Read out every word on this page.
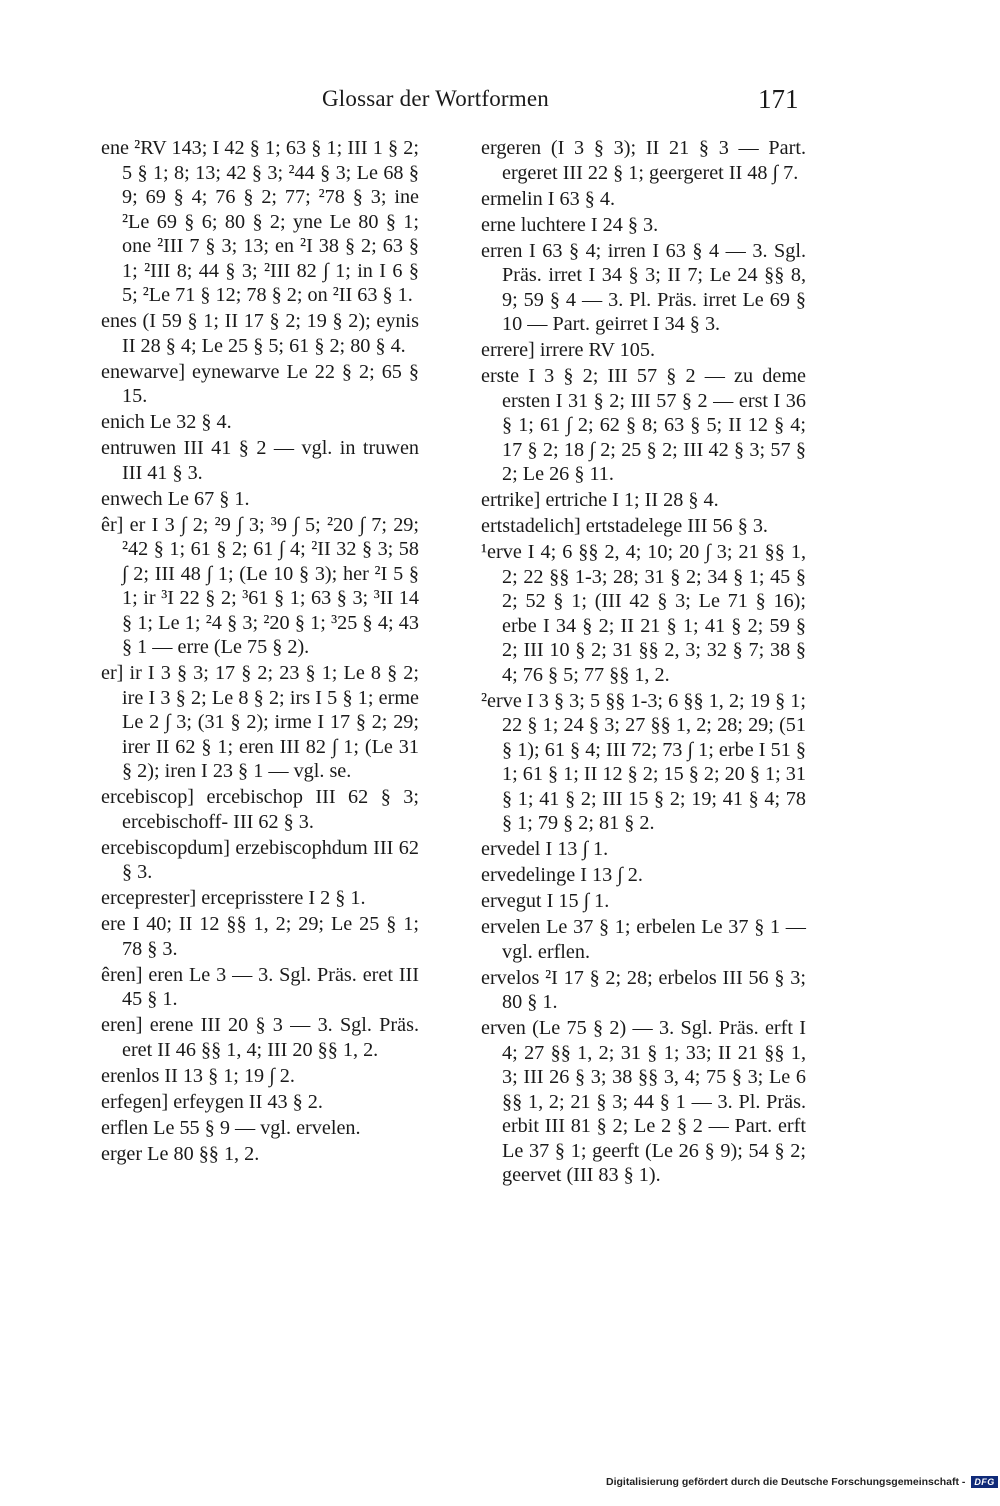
Glossar der Wortformen	171
ene ²RV 143; I 42 § 1; 63 § 1; III 1 § 2; 5 § 1; 8; 13; 42 § 3; ²44 § 3; Le 68 § 9; 69 § 4; 76 § 2; 77; ²78 § 3; ine ²Le 69 § 6; 80 § 2; yne Le 80 § 1; one ²III 7 § 3; 13; en ²I 38 § 2; 63 § 1; ²III 8; 44 § 3; ²III 82 ∫ 1; in I 6 § 5; ²Le 71 § 12; 78 § 2; on ²II 63 § 1.
enes (I 59 § 1; II 17 § 2; 19 § 2); eynis II 28 § 4; Le 25 § 5; 61 § 2; 80 § 4.
enewarve] eynewarve Le 22 § 2; 65 § 15.
enich Le 32 § 4.
entruwen III 41 § 2 — vgl. in truwen III 41 § 3.
enwech Le 67 § 1.
êr] er I 3 ∫ 2; ²9 ∫ 3; ³9 ∫ 5; ²20 ∫ 7; 29; ²42 § 1; 61 § 2; 61 ∫ 4; ²II 32 § 3; 58 ∫ 2; III 48 ∫ 1; (Le 10 § 3); her ²I 5 § 1; ir ³I 22 § 2; ³61 § 1; 63 § 3; ³II 14 § 1; Le 1; ²4 § 3; ²20 § 1; ³25 § 4; 43 § 1 — erre (Le 75 § 2).
er] ir I 3 § 3; 17 § 2; 23 § 1; Le 8 § 2; ire I 3 § 2; Le 8 § 2; irs I 5 § 1; erme Le 2 ∫ 3; (31 § 2); irme I 17 § 2; 29; irer II 62 § 1; eren III 82 ∫ 1; (Le 31 § 2); iren I 23 § 1 — vgl. se.
ercebiscop] ercebischop III 62 § 3; ercebischoff- III 62 § 3.
ercebiscopdum] erzebiscophdum III 62 § 3.
erceprester] erceprisstere I 2 § 1.
ere I 40; II 12 §§ 1, 2; 29; Le 25 § 1; 78 § 3.
êren] eren Le 3 — 3. Sgl. Präs. eret III 45 § 1.
eren] erene III 20 § 3 — 3. Sgl. Präs. eret II 46 §§ 1, 4; III 20 §§ 1, 2.
erenlos II 13 § 1; 19 ∫ 2.
erfegen] erfeygen II 43 § 2.
erflen Le 55 § 9 — vgl. ervelen.
erger Le 80 §§ 1, 2.
ergeren (I 3 § 3); II 21 § 3 — Part. ergeret III 22 § 1; geergeret II 48 ∫ 7.
ermelin I 63 § 4.
erne luchtere I 24 § 3.
erren I 63 § 4; irren I 63 § 4 — 3. Sgl. Präs. irret I 34 § 3; II 7; Le 24 §§ 8, 9; 59 § 4 — 3. Pl. Präs. irret Le 69 § 10 — Part. geirret I 34 § 3.
errere] irrere RV 105.
erste I 3 § 2; III 57 § 2 — zu deme ersten I 31 § 2; III 57 § 2 — erst I 36 § 1; 61 ∫ 2; 62 § 8; 63 § 5; II 12 § 4; 17 § 2; 18 ∫ 2; 25 § 2; III 42 § 3; 57 § 2; Le 26 § 11.
ertrike] ertriche I 1; II 28 § 4.
ertstadelich] ertstadelege III 56 § 3.
¹erve I 4; 6 §§ 2, 4; 10; 20 ∫ 3; 21 §§ 1, 2; 22 §§ 1-3; 28; 31 § 2; 34 § 1; 45 § 2; 52 § 1; (III 42 § 3; Le 71 § 16); erbe I 34 § 2; II 21 § 1; 41 § 2; 59 § 2; III 10 § 2; 31 §§ 2, 3; 32 § 7; 38 § 4; 76 § 5; 77 §§ 1, 2.
²erve I 3 § 3; 5 §§ 1-3; 6 §§ 1, 2; 19 § 1; 22 § 1; 24 § 3; 27 §§ 1, 2; 28; 29; (51 § 1); 61 § 4; III 72; 73 ∫ 1; erbe I 51 § 1; 61 § 1; II 12 § 2; 15 § 2; 20 § 1; 31 § 1; 41 § 2; III 15 § 2; 19; 41 § 4; 78 § 1; 79 § 2; 81 § 2.
ervedel I 13 ∫ 1.
ervedelinge I 13 ∫ 2.
ervegut I 15 ∫ 1.
ervelen Le 37 § 1; erbelen Le 37 § 1 — vgl. erflen.
ervelos ²I 17 § 2; 28; erbelos III 56 § 3; 80 § 1.
erven (Le 75 § 2) — 3. Sgl. Präs. erft I 4; 27 §§ 1, 2; 31 § 1; 33; II 21 §§ 1, 3; III 26 § 3; 38 §§ 3, 4; 75 § 3; Le 6 §§ 1, 2; 21 § 3; 44 § 1 — 3. Pl. Präs. erbit III 81 § 2; Le 2 § 2 — Part. erft Le 37 § 1; geerft (Le 26 § 9); 54 § 2; geervet (III 83 § 1).
Digitalisierung gefördert durch die Deutsche Forschungsgemeinschaft - DFG
